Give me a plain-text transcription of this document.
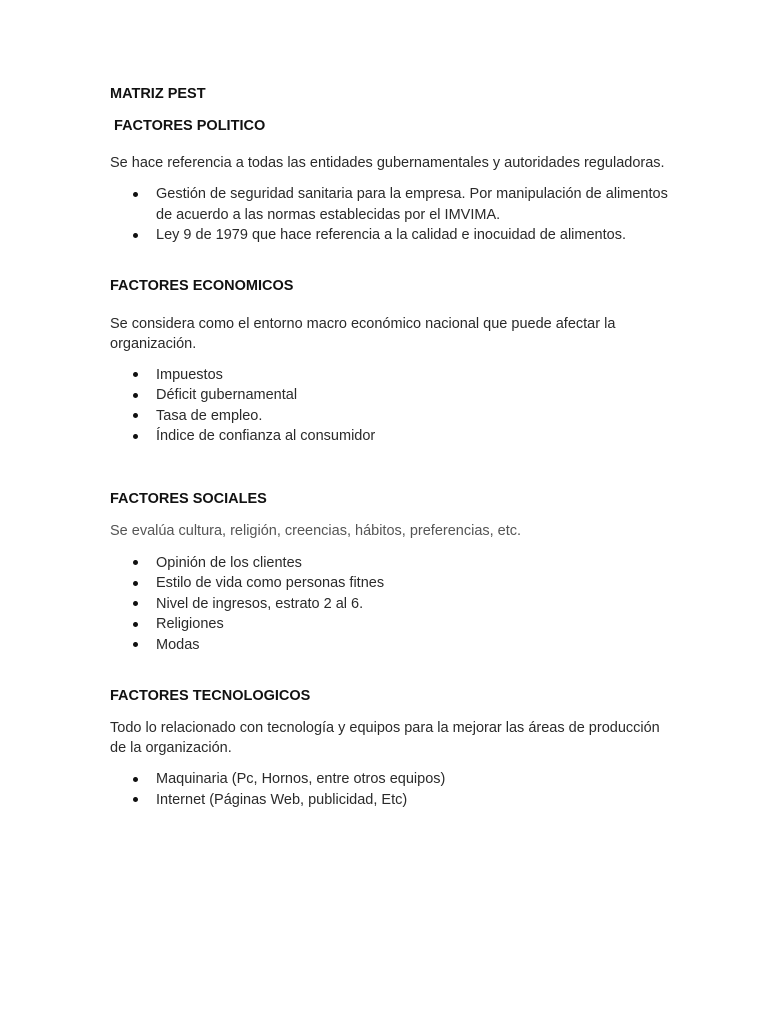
MATRIZ PEST
FACTORES POLITICO

Se hace referencia a todas las entidades gubernamentales y autoridades reguladoras.

Gestión de seguridad sanitaria para la empresa. Por manipulación de alimentos de acuerdo a las normas establecidas por el IMVIMA.
Ley 9 de 1979 que hace referencia a la calidad e inocuidad de alimentos.
FACTORES ECONOMICOS

Se considera como el entorno macro económico nacional que puede afectar la organización.

Impuestos
Déficit gubernamental
Tasa de empleo.
Índice de confianza al consumidor
FACTORES SOCIALES

Se evalúa cultura, religión, creencias, hábitos, preferencias, etc.

Opinión de los clientes
Estilo de vida como personas fitnes
Nivel de ingresos, estrato 2 al 6.
Religiones
Modas
FACTORES TECNOLOGICOS

Todo lo relacionado con tecnología y equipos para la mejorar las áreas de producción de la organización.

Maquinaria (Pc, Hornos, entre otros equipos)
Internet (Páginas Web, publicidad, Etc)
